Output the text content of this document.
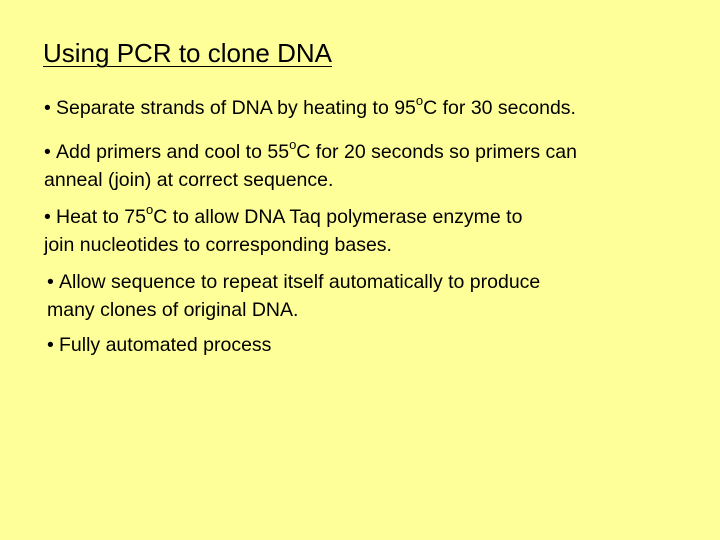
Using PCR to clone DNA
• Separate strands of DNA by heating to 95$^o$C for 30 seconds.
• Add primers and cool to 55$^o$C for 20 seconds so primers can
anneal (join) at correct sequence.
• Heat to 75$^o$C to allow DNA Taq polymerase enzyme to
join nucleotides to corresponding bases.
• Allow sequence to repeat itself automatically to produce
many clones of original DNA.
• Fully automated process
